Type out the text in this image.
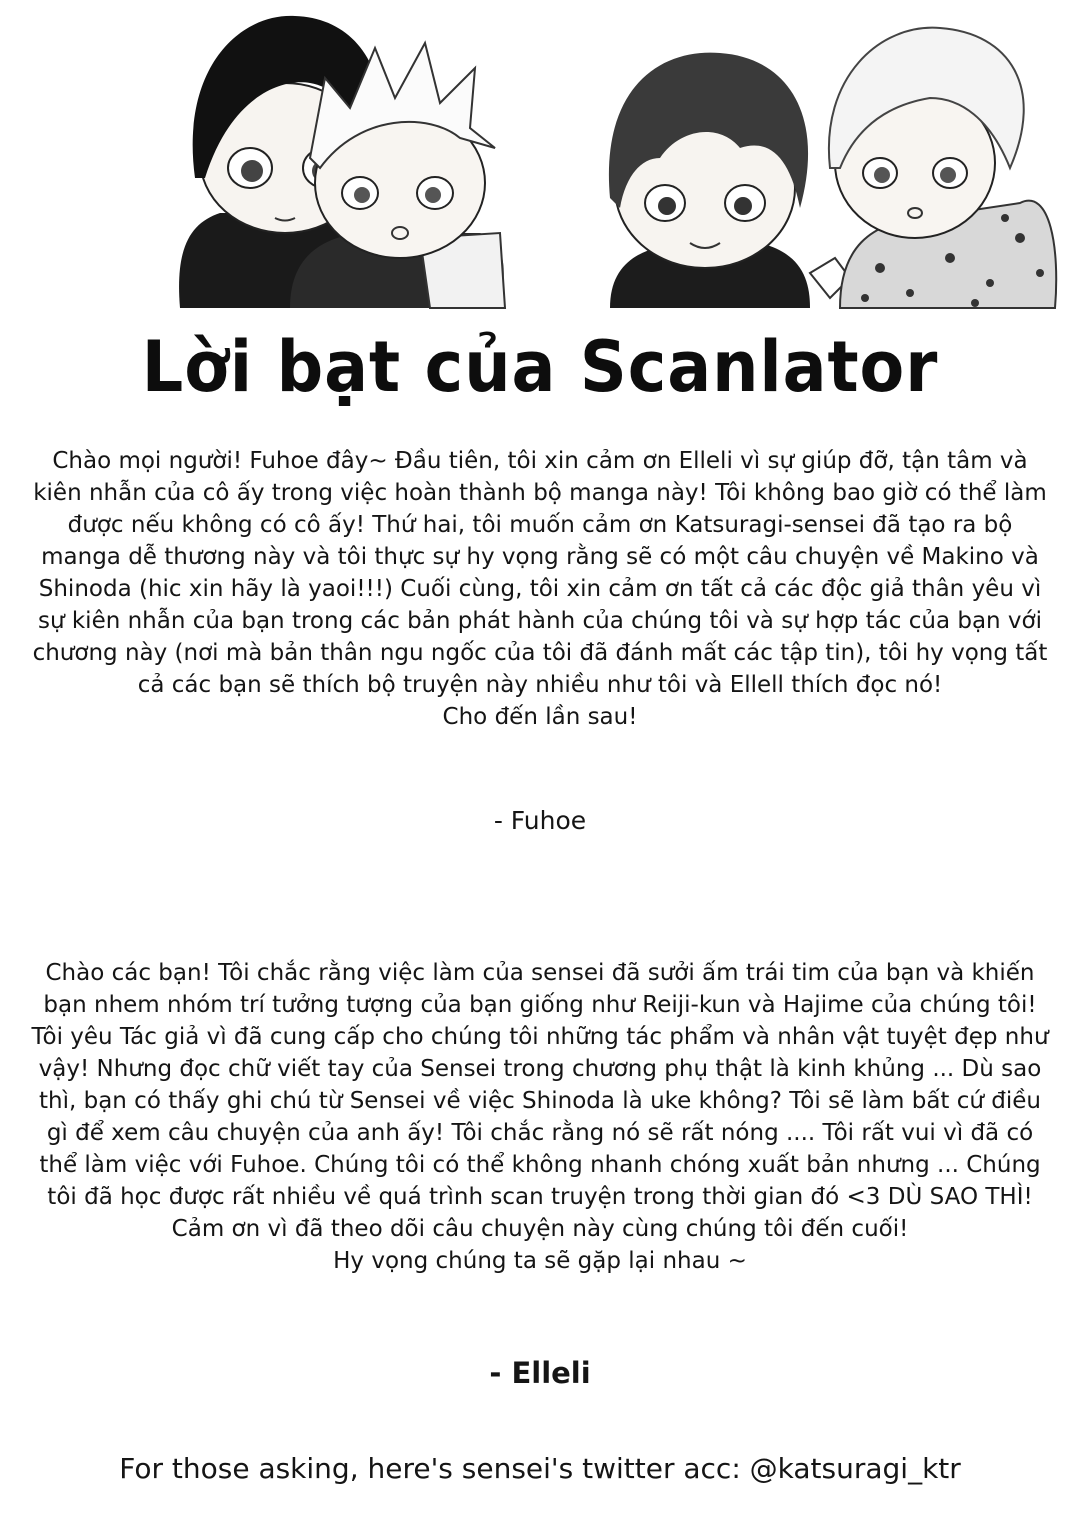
Lời bạt của Scanlator

Chào mọi người! Fuhoe đây~ Đầu tiên, tôi xin cảm ơn Elleli vì sự giúp đỡ, tận tâm và kiên nhẫn của cô ấy trong việc hoàn thành bộ manga này! Tôi không bao giờ có thể làm được nếu không có cô ấy! Thứ hai, tôi muốn cảm ơn Katsuragi-sensei đã tạo ra bộ manga dễ thương này và tôi thực sự hy vọng rằng sẽ có một câu chuyện về Makino và Shinoda (hic xin hãy là yaoi!!!) Cuối cùng, tôi xin cảm ơn tất cả các độc giả thân yêu vì sự kiên nhẫn của bạn trong các bản phát hành của chúng tôi và sự hợp tác của bạn với chương này (nơi mà bản thân ngu ngốc của tôi đã đánh mất các tập tin), tôi hy vọng tất cả các bạn sẽ thích bộ truyện này nhiều như tôi và Ellell thích đọc nó!

Cho đến lần sau!

- Fuhoe

Chào các bạn! Tôi chắc rằng việc làm của sensei đã sưởi ấm trái tim của bạn và khiến bạn nhem nhóm trí tưởng tượng của bạn giống như Reiji-kun và Hajime của chúng tôi! Tôi yêu Tác giả vì đã cung cấp cho chúng tôi những tác phẩm và nhân vật tuyệt đẹp như vậy! Nhưng đọc chữ viết tay của Sensei trong chương phụ thật là kinh khủng ... Dù sao thì, bạn có thấy ghi chú từ Sensei về việc Shinoda là uke không? Tôi sẽ làm bất cứ điều gì để xem câu chuyện của anh ấy! Tôi chắc rằng nó sẽ rất nóng .... Tôi rất vui vì đã có thể làm việc với Fuhoe. Chúng tôi có thể không nhanh chóng xuất bản nhưng ... Chúng tôi đã học được rất nhiều về quá trình scan truyện trong thời gian đó <3 DÙ SAO THÌ! Cảm ơn vì đã theo dõi câu chuyện này cùng chúng tôi đến cuối!

Hy vọng chúng ta sẽ gặp lại nhau ~

- Elleli
For those asking, here's sensei's twitter acc: @katsuragi_ktr
